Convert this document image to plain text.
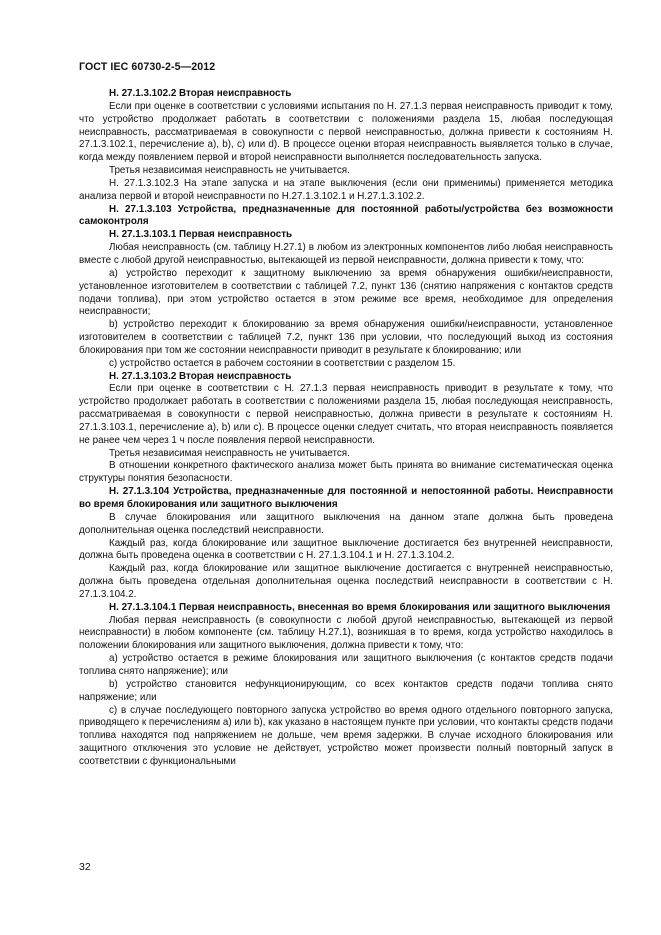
ГОСТ IEC 60730-2-5—2012

Н. 27.1.3.102.2 Вторая неисправность

Если при оценке в соответствии с условиями испытания по Н. 27.1.3 первая неисправность приводит к тому, что устройство продолжает работать в соответствии с положениями раздела 15, любая последующая неисправность, рассматриваемая в совокупности с первой неисправностью, должна привести к состояниям Н. 27.1.3.102.1, перечисление а), b), с) или d). В процессе оценки вторая неисправность выявляется только в случае, когда между появлением первой и второй неисправности выполняется последовательность запуска.

Третья независимая неисправность не учитывается.

Н. 27.1.3.102.3 На этапе запуска и на этапе выключения (если они применимы) применяется методика анализа первой и второй неисправности по Н.27.1.3.102.1 и Н.27.1.3.102.2.

Н. 27.1.3.103 Устройства, предназначенные для постоянной работы/устройства без возможности самоконтроля

Н. 27.1.3.103.1 Первая неисправность

Любая неисправность (см. таблицу Н.27.1) в любом из электронных компонентов либо любая неисправность вместе с любой другой неисправностью, вытекающей из первой неисправности, должна привести к тому, что:

а) устройство переходит к защитному выключению за время обнаружения ошибки/неисправности, установленное изготовителем в соответствии с таблицей 7.2, пункт 136 (снятию напряжения с контактов средств подачи топлива), при этом устройство остается в этом режиме все время, необходимое для определения неисправности;

b) устройство переходит к блокированию за время обнаружения ошибки/неисправности, установленное изготовителем в соответствии с таблицей 7.2, пункт 136 при условии, что последующий выход из состояния блокирования при том же состоянии неисправности приводит в результате к блокированию; или

с) устройство остается в рабочем состоянии в соответствии с разделом 15.

Н. 27.1.3.103.2 Вторая неисправность

Если при оценке в соответствии с Н. 27.1.3 первая неисправность приводит в результате к тому, что устройство продолжает работать в соответствии с положениями раздела 15, любая последующая неисправность, рассматриваемая в совокупности с первой неисправностью, должна привести в результате к состояниям Н. 27.1.3.103.1, перечисление а), b) или с). В процессе оценки следует считать, что вторая неисправность появляется не ранее чем через 1 ч после появления первой неисправности.

Третья независимая неисправность не учитывается.

В отношении конкретного фактического анализа может быть принята во внимание систематическая оценка структуры понятия безопасности.

Н. 27.1.3.104 Устройства, предназначенные для постоянной и непостоянной работы. Неисправности во время блокирования или защитного выключения

В случае блокирования или защитного выключения на данном этапе должна быть проведена дополнительная оценка последствий неисправности.

Каждый раз, когда блокирование или защитное выключение достигается без внутренней неисправности, должна быть проведена оценка в соответствии с Н. 27.1.3.104.1 и Н. 27.1.3.104.2.

Каждый раз, когда блокирование или защитное выключение достигается с внутренней неисправностью, должна быть проведена отдельная дополнительная оценка последствий неисправности в соответствии с Н. 27.1.3.104.2.

Н. 27.1.3.104.1 Первая неисправность, внесенная во время блокирования или защитного выключения

Любая первая неисправность (в совокупности с любой другой неисправностью, вытекающей из первой неисправности) в любом компоненте (см. таблицу Н.27.1), возникшая в то время, когда устройство находилось в положении блокирования или защитного выключения, должна привести к тому, что:

а) устройство остается в режиме блокирования или защитного выключения (с контактов средств подачи топлива снято напряжение); или

b) устройство становится нефункционирующим, со всех контактов средств подачи топлива снято напряжение; или

с) в случае последующего повторного запуска устройство во время одного отдельного повторного запуска, приводящего к перечислениям а) или b), как указано в настоящем пункте при условии, что контакты средств подачи топлива находятся под напряжением не дольше, чем время задержки. В случае исходного блокирования или защитного отключения это условие не действует, устройство может произвести полный повторный запуск в соответствии с функциональными

32
